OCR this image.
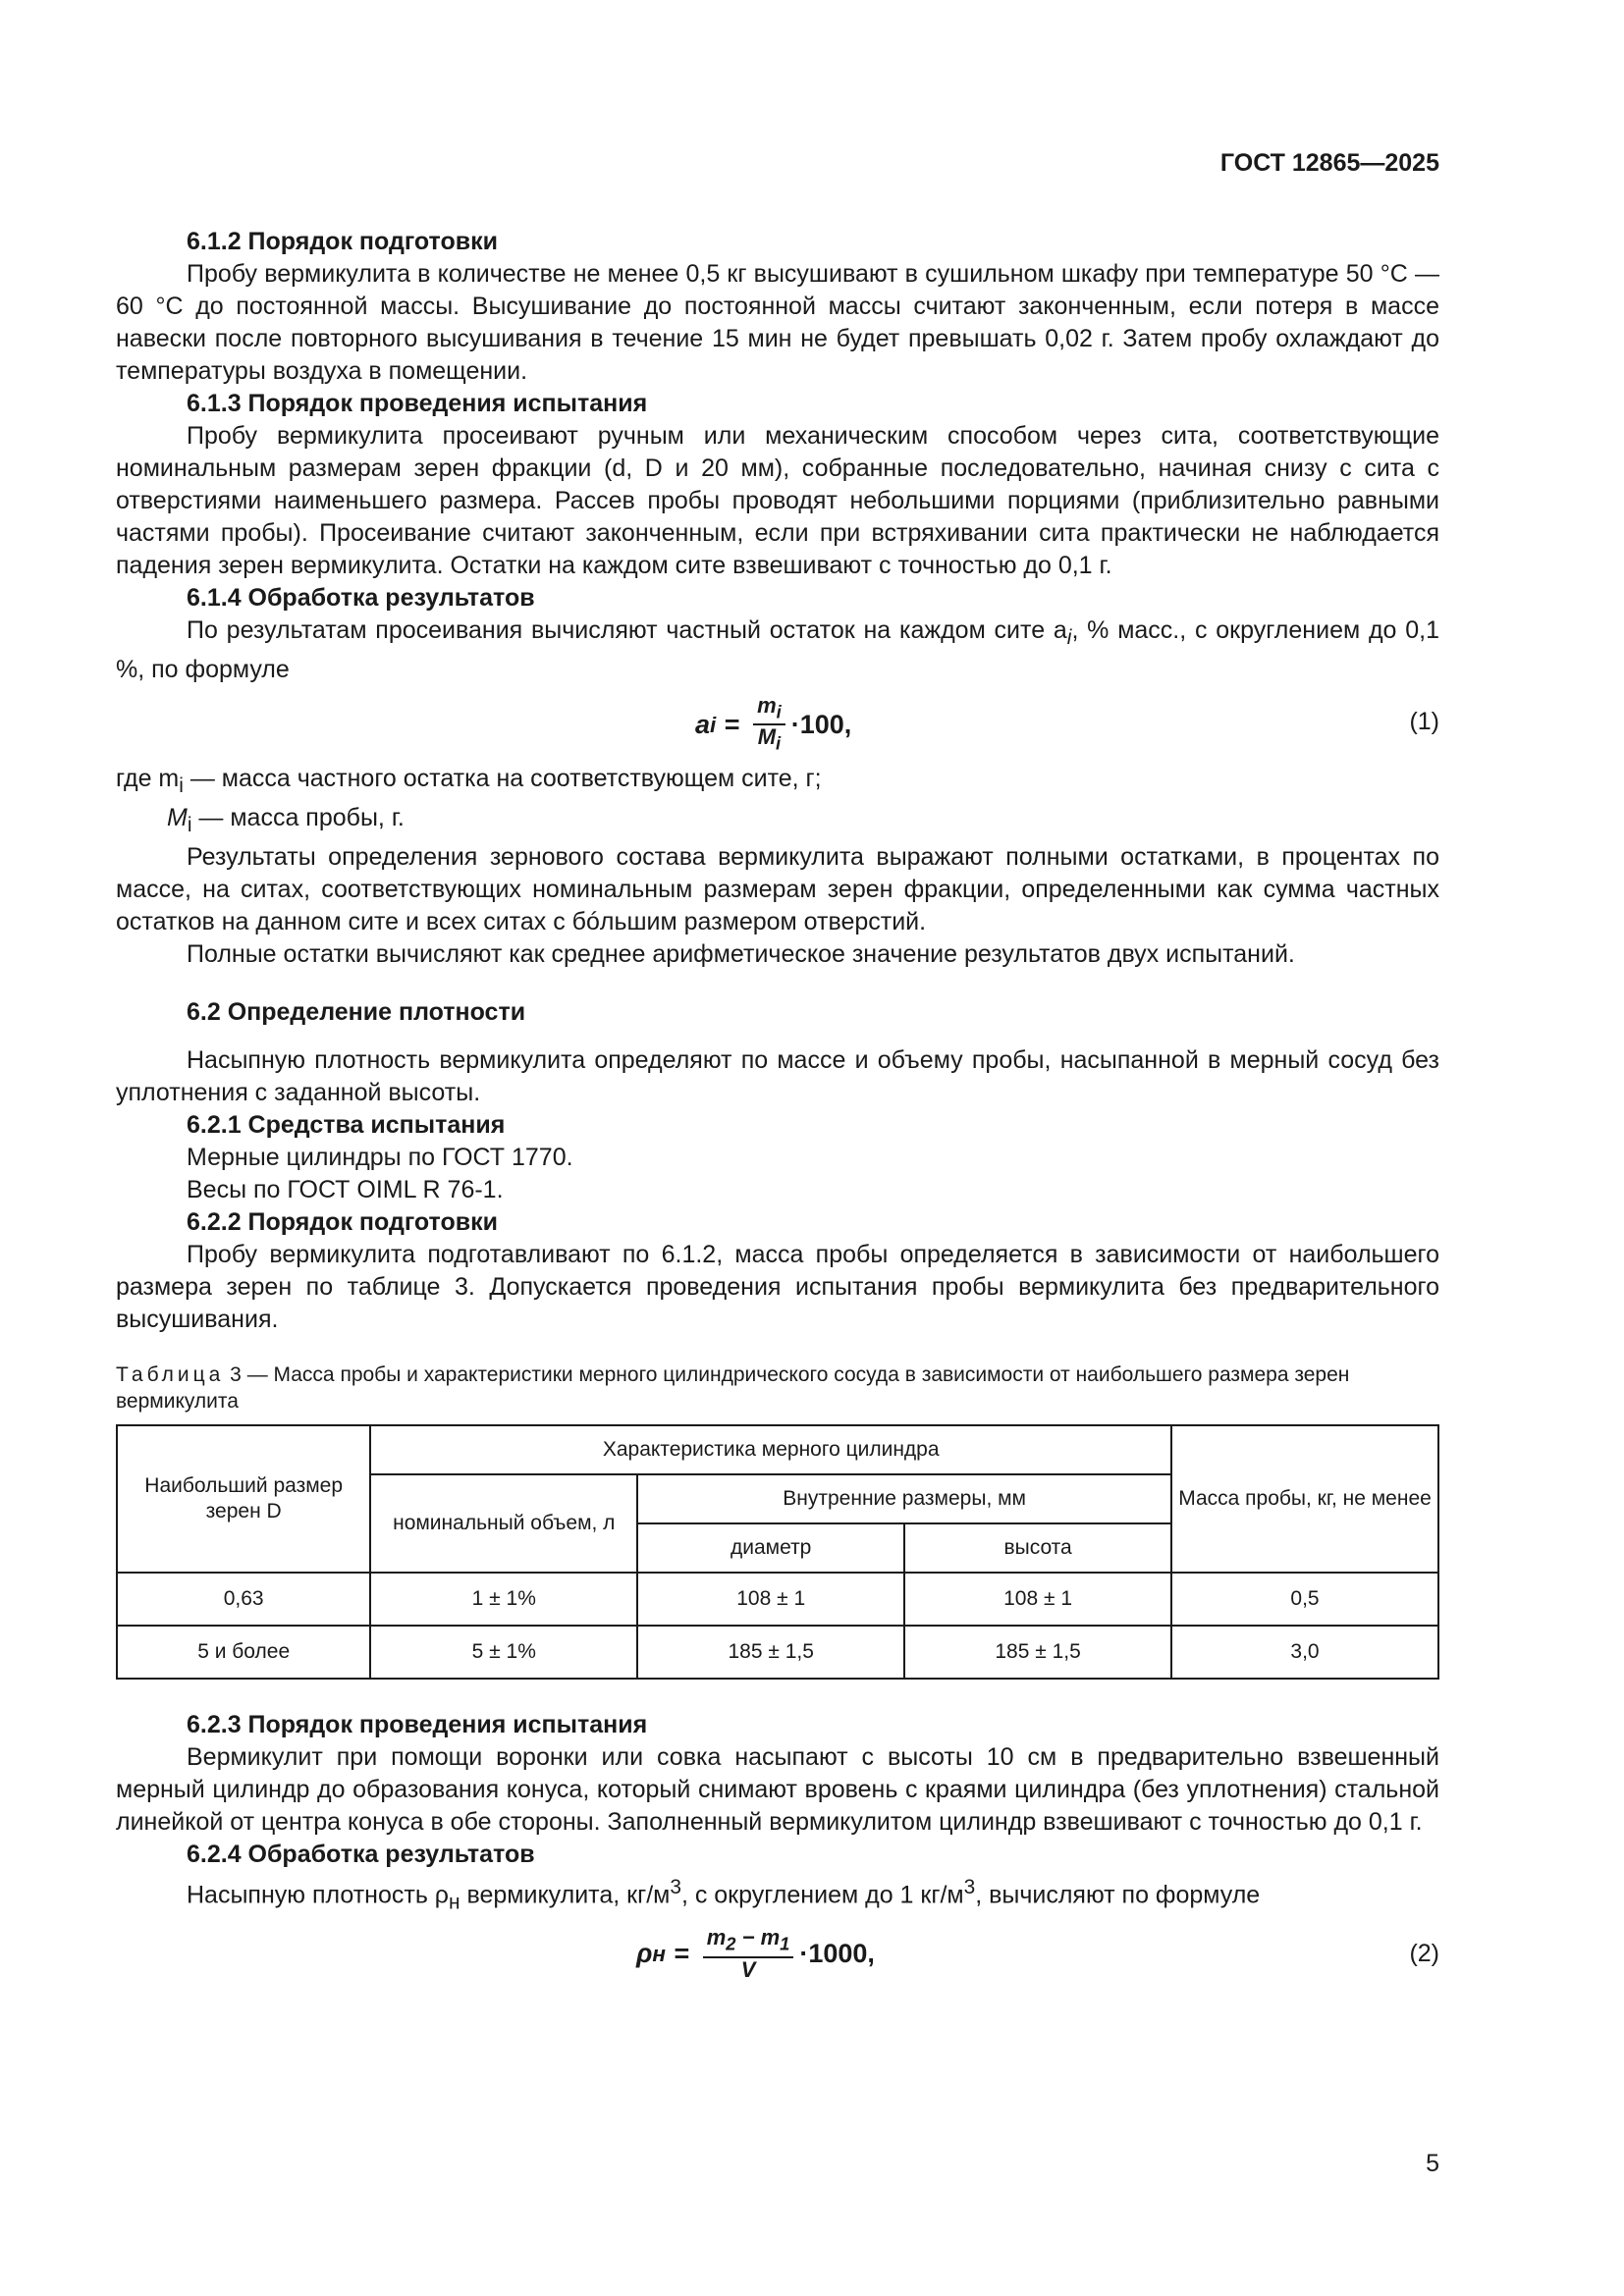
ГОСТ 12865—2025

6.1.2 Порядок подготовки

Пробу вермикулита в количестве не менее 0,5 кг высушивают в сушильном шкафу при температуре 50 °С — 60 °С до постоянной массы. Высушивание до постоянной массы считают законченным, если потеря в массе навески после повторного высушивания в течение 15 мин не будет превышать 0,02 г. Затем пробу охлаждают до температуры воздуха в помещении.

6.1.3 Порядок проведения испытания

Пробу вермикулита просеивают ручным или механическим способом через сита, соответствующие номинальным размерам зерен фракции (d, D и 20 мм), собранные последовательно, начиная снизу с сита с отверстиями наименьшего размера. Рассев пробы проводят небольшими порциями (приблизительно равными частями пробы). Просеивание считают законченным, если при встряхивании сита практически не наблюдается падения зерен вермикулита. Остатки на каждом сите взвешивают с точностью до 0,1 г.

6.1.4 Обработка результатов

По результатам просеивания вычисляют частный остаток на каждом сите $a_i$, % масс., с округлением до 0,1 %, по формуле

a $i = \frac{m_i}{M_i} \cdot 100$,	(1)

где $m_i$ — масса частного остатка на соответствующем сите, г;

$M_i$ — масса пробы, г.

Результаты определения зернового состава вермикулита выражают полными остатками, в процентах по массе, на ситах, соответствующих номинальным размерам зерен фракции, определенными как сумма частных остатков на данном сите и всех ситах с бóльшим размером отверстий.

Полные остатки вычисляют как среднее арифметическое значение результатов двух испытаний.

6.2 Определение плотности

Насыпную плотность вермикулита определяют по массе и объему пробы, насыпанной в мерный сосуд без уплотнения с заданной высоты.

6.2.1 Средства испытания

Мерные цилиндры по ГОСТ 1770.

Весы по ГОСТ OIML R 76-1.

6.2.2 Порядок подготовки

Пробу вермикулита подготавливают по 6.1.2, масса пробы определяется в зависимости от наибольшего размера зерен по таблице 3. Допускается проведения испытания пробы вермикулита без предварительного высушивания.

Таблица 3 — Масса пробы и характеристики мерного цилиндрического сосуда в зависимости от наибольшего размера зерен вермикулита

Наибольший размер зерен D	Характеристика мерного цилиндра			Масса пробы, кг, не менее
	номинальный объем, л	Внутренние размеры, мм		
		диаметр	высота	
0,63	1 ± 1%	108 ± 1	108 ± 1	0,5
5 и более	5 ± 1%	185 ± 1,5	185 ± 1,5	3,0

6.2.3 Порядок проведения испытания

Вермикулит при помощи воронки или совка насыпают с высоты 10 см в предварительно взвешенный мерный цилиндр до образования конуса, который снимают вровень с краями цилиндра (без уплотнения) стальной линейкой от центра конуса в обе стороны. Заполненный вермикулитом цилиндр взвешивают с точностью до 0,1 г.

6.2.4 Обработка результатов

Насыпную плотность $\rho_н$ вермикулита, $кг/м^3$, с округлением до 1 $кг/м^3$, вычисляют по формуле

ρ $н = \frac{m_2 - m_1}{V} \cdot 1000$,	(2)
5
